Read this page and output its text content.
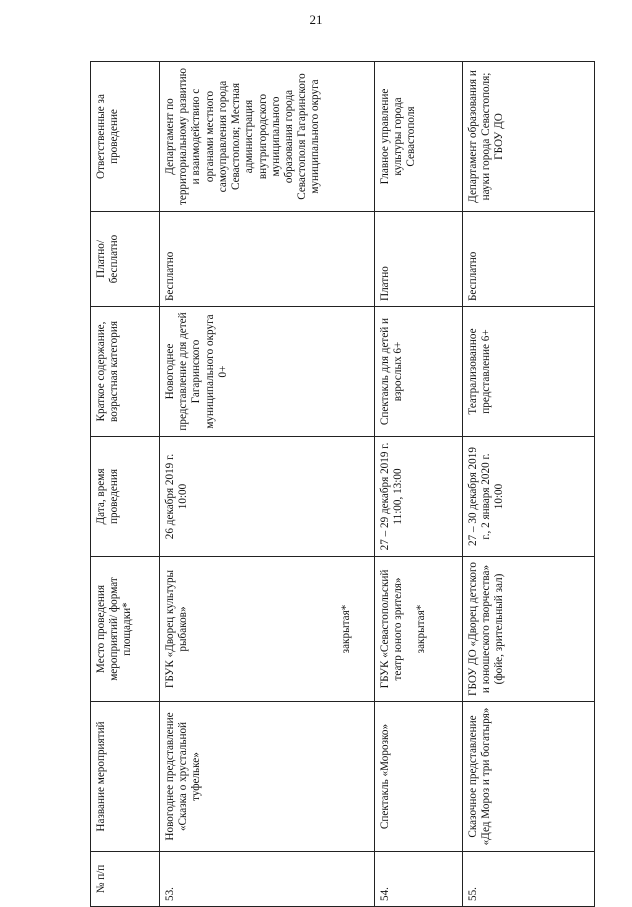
21
№ п/п	Название мероприятий	Место проведения мероприятий/ формат площадки*	Дата, время проведения	Краткое содержание, возрастная категория	Платно/ бесплатно	Ответственные за проведение
53.	Новогоднее представление «Сказка о хрустальной туфельке»	ГБУК «Дворец культуры рыбаков» закрытая*	26 декабря 2019 г. 10:00	Новогоднее представление для детей Гагаринского муниципального округа 0+	Бесплатно	Департамент по территориальному развитию и взаимодействию с органами местного самоуправления города Севастополя; Местная администрация внутригородского муниципального образования города Севастополя Гагаринского муниципального округа
54.	Спектакль «Морозко»	ГБУК «Севастопольский театр юного зрителя» закрытая*	27 – 29 декабря 2019 г. 11:00, 13:00	Спектакль для детей и взрослых 6+	Платно	Главное управление культуры города Севастополя
55.	Сказочное представление «Дед Мороз и три богатыря»	ГБОУ ДО «Дворец детского и юношеского творчества» (фойе, зрительный зал)	27 – 30 декабря 2019 г., 2 января 2020 г. 10:00	Театрализованное представление 6+	Бесплатно	Департамент образования и науки города Севастополя; ГБОУ ДО
